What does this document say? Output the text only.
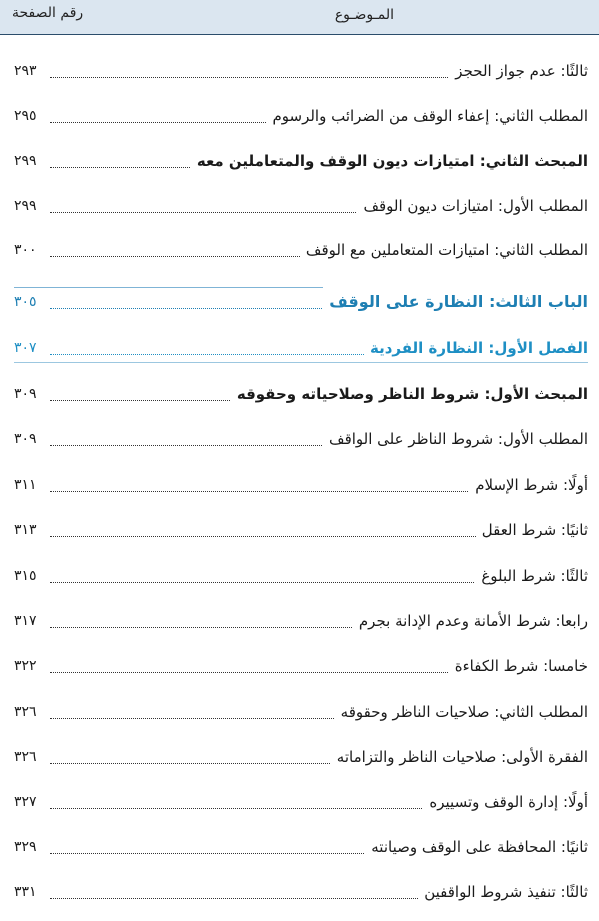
المـوضـوع
رقم الصفحة
ثالثًا: عدم جواز الحجز
٢٩٣
المطلب الثاني: إعفاء الوقف من الضرائب والرسوم
٢٩٥
المبحث الثاني: امتيازات ديون الوقف والمتعاملين معه
٢٩٩
المطلب الأول: امتيازات ديون الوقف
٢٩٩
المطلب الثاني: امتيازات المتعاملين مع الوقف
٣٠٠
الباب الثالث: النظارة على الوقف
٣٠٥
الفصل الأول: النظارة الفردية
٣٠٧
المبحث الأول: شروط الناظر وصلاحياته وحقوقه
٣٠٩
المطلب الأول: شروط الناظر على الواقف
٣٠٩
أولًا: شرط الإسلام
٣١١
ثانيًا: شرط العقل
٣١٣
ثالثًا: شرط البلوغ
٣١٥
رابعا: شرط الأمانة وعدم الإدانة بجرم
٣١٧
خامسا: شرط الكفاءة
٣٢٢
المطلب الثاني: صلاحيات الناظر وحقوقه
٣٢٦
الفقرة الأولى: صلاحيات الناظر والتزاماته
٣٢٦
أولًا: إدارة الوقف وتسييره
٣٢٧
ثانيًا: المحافظة على الوقف وصيانته
٣٢٩
ثالثًا: تنفيذ شروط الواقفين
٣٣١
